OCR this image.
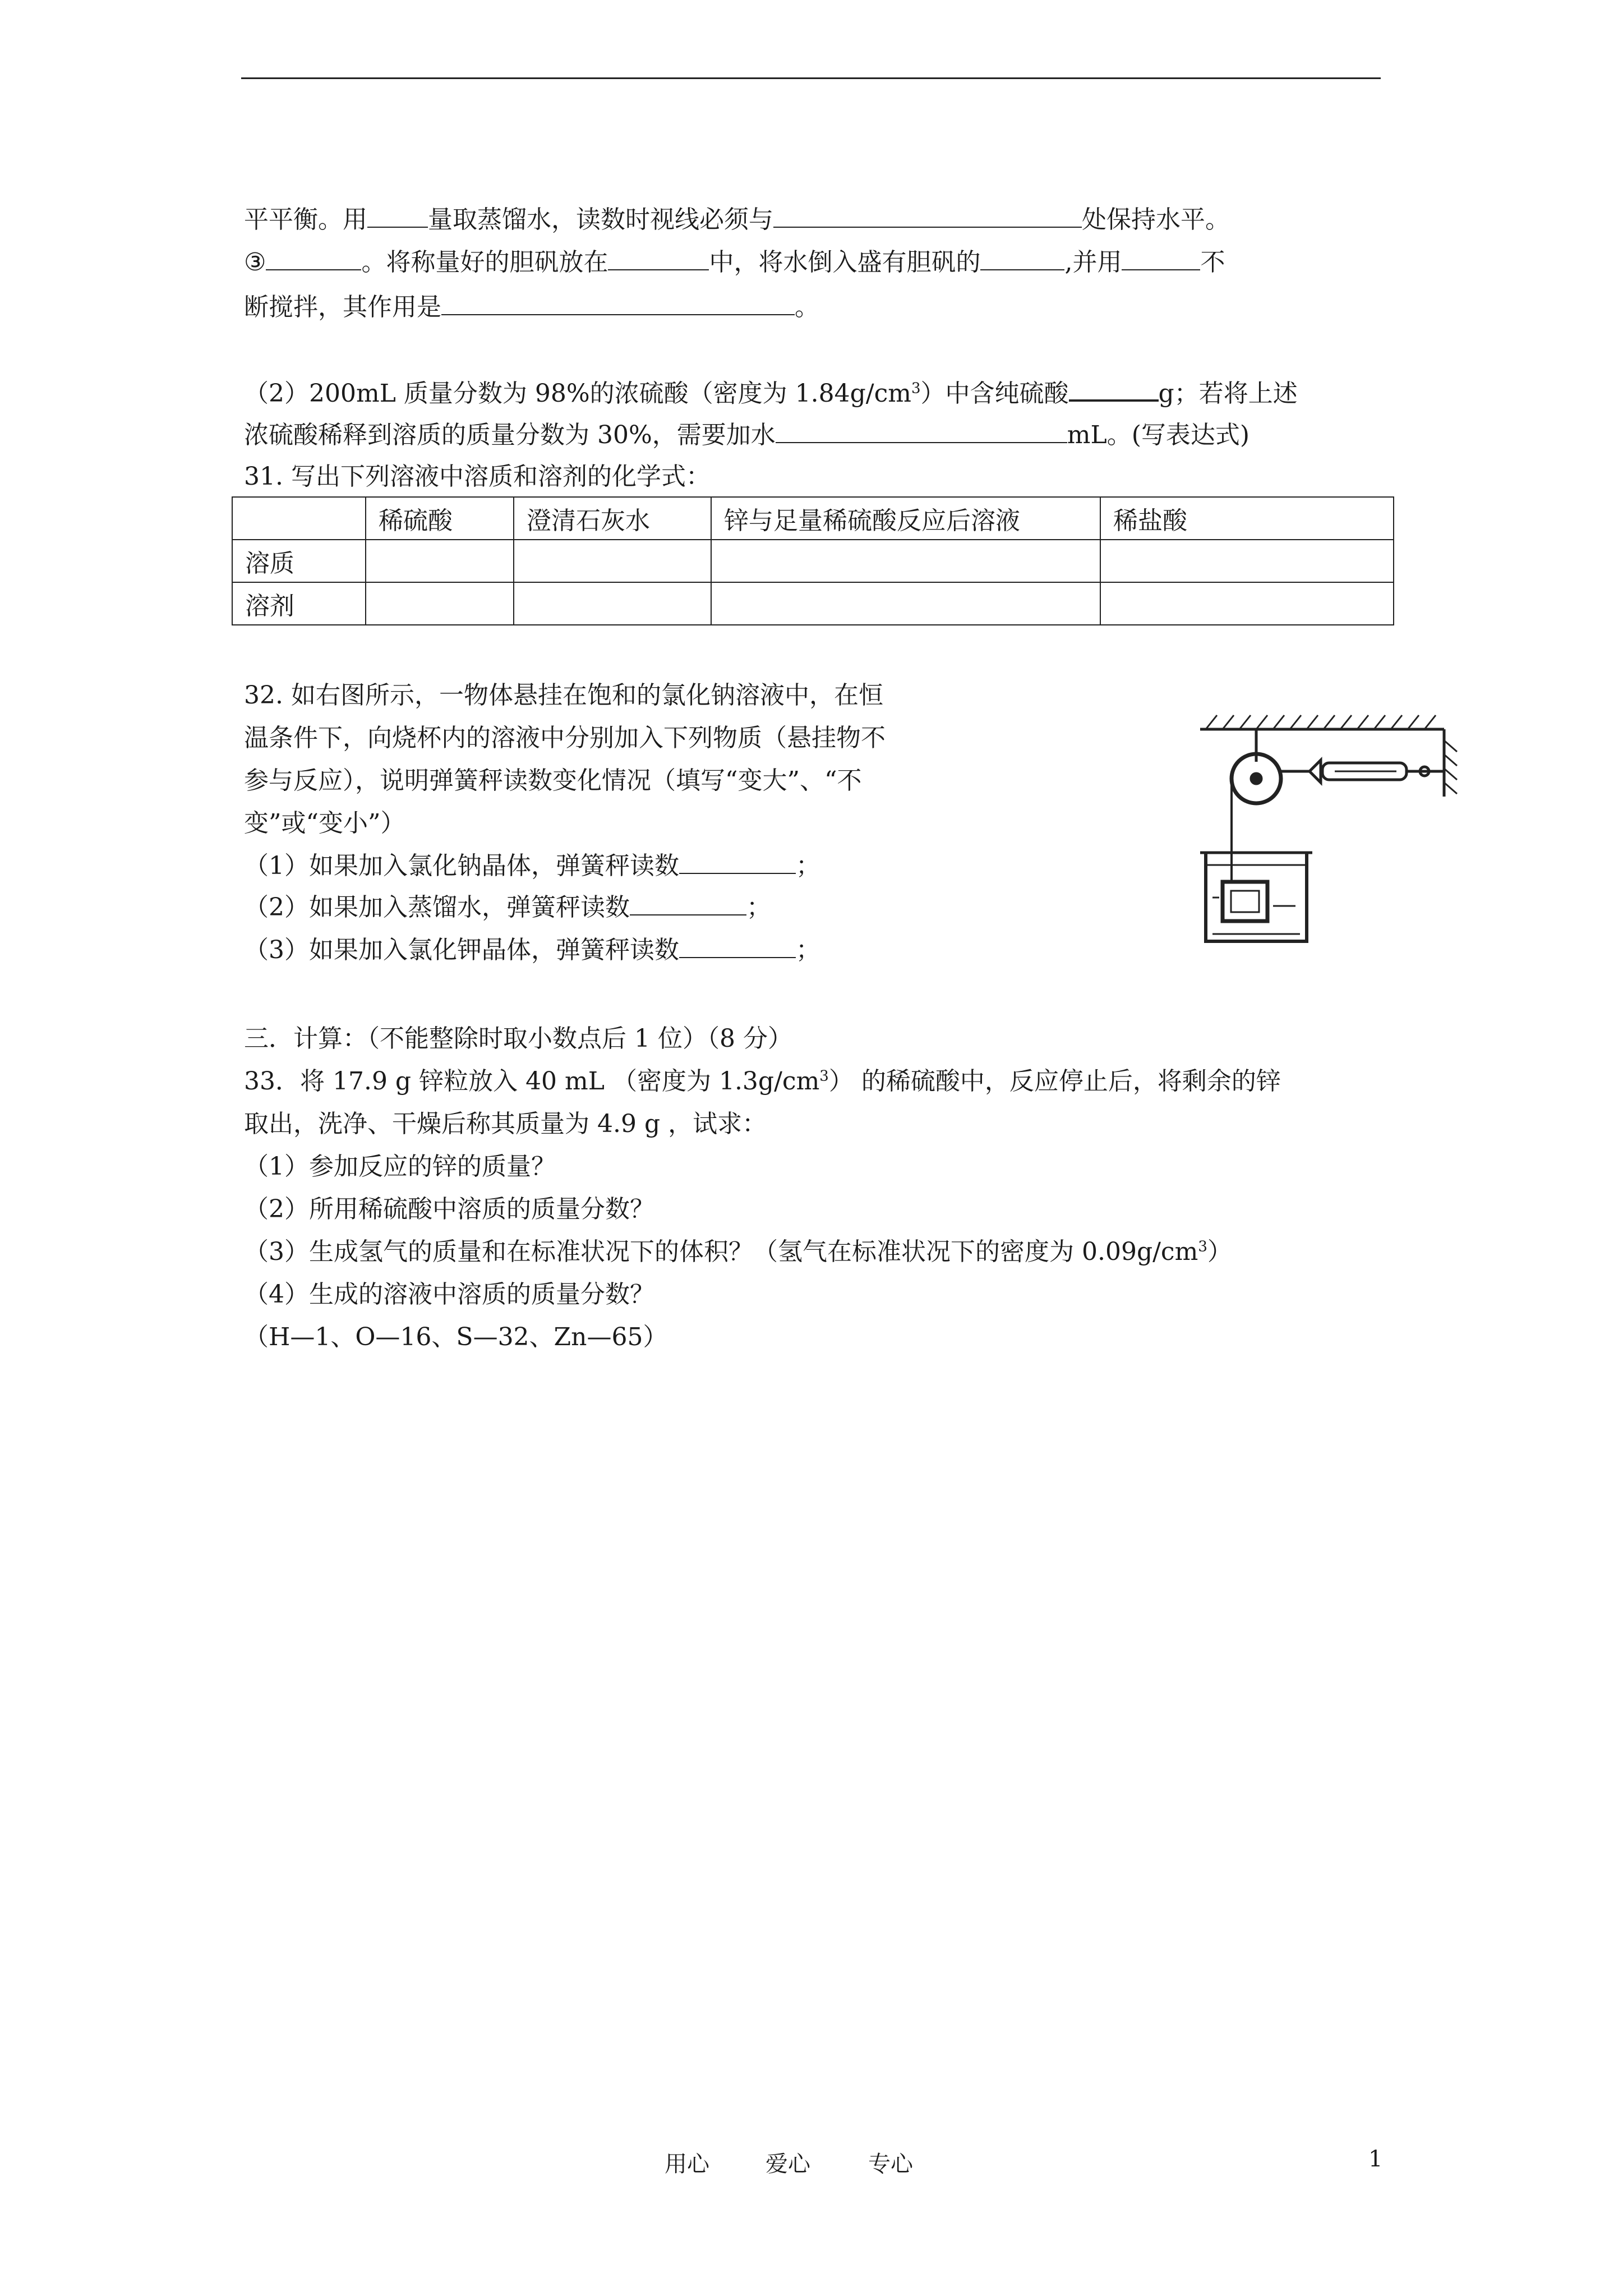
平平衡。用 量取蒸馏水，读数时视线必须与	处保持水平。
③	。将称量好的胆矾放在	中，将水倒入盛有胆矾的	,并用	不
断搅拌，其作用是	。
（2）200mL 质量分数为 98%的浓硫酸（密度为 $1.84g/cm^3$）中含纯硫酸	g；若将上述
浓硫酸稀释到溶质的质量分数为 30%，需要加水	mL。(写表达式)
31. 写出下列溶液中溶质和溶剂的化学式：
	稀硫酸	澄清石灰水	锌与足量稀硫酸反应后溶液	稀盐酸
溶质				
溶剂				
32. 如右图所示，一物体悬挂在饱和的氯化钠溶液中，在恒
温条件下，向烧杯内的溶液中分别加入下列物质（悬挂物不
参与反应），说明弹簧秤读数变化情况（填写“变大”、“不
变”或“变小”）
（1）如果加入氯化钠晶体，弹簧秤读数	；
（2）如果加入蒸馏水，弹簧秤读数	；
（3）如果加入氯化钾晶体，弹簧秤读数	；
三．计算：（不能整除时取小数点后 1 位）（8 分）
33．将 17.9 g 锌粒放入 40 mL （密度为 $1.3g/cm^3$） 的稀硫酸中，反应停止后，将剩余的锌
取出，洗净、干燥后称其质量为 4.9 g ，试求：
（1）参加反应的锌的质量？
（2）所用稀硫酸中溶质的质量分数？
（3）生成氢气的质量和在标准状况下的体积？（氢气在标准状况下的密度为 $0.09g/cm^3$）
（4）生成的溶液中溶质的质量分数？
（H—1、O—16、S—32、Zn—65）
用心	爱心	专心	1
